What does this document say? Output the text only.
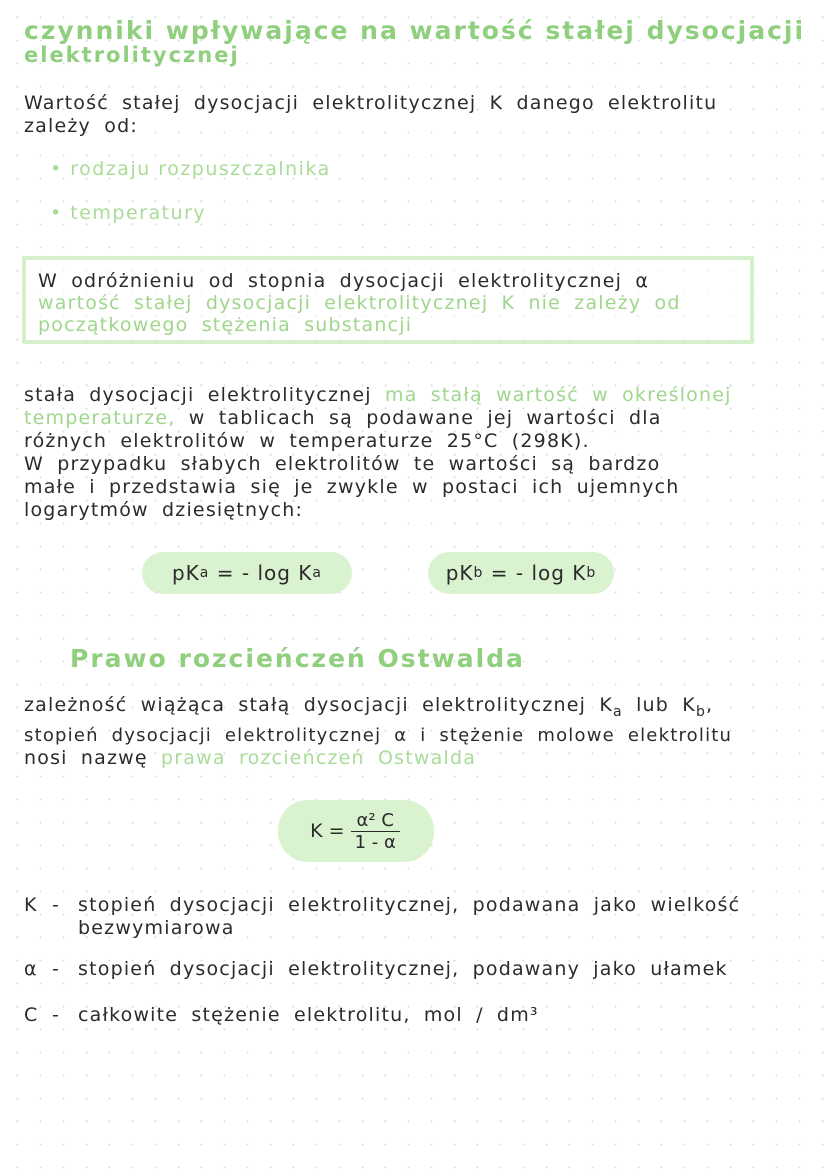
czynniki wpływające na wartość stałej dysocjacji
elektrolitycznej
Wartość stałej dysocjacji elektrolitycznej K danego elektrolitu
zależy od:
• rodzaju rozpuszczalnika
• temperatury
W odróżnieniu od stopnia dysocjacji elektrolitycznej α
wartość stałej dysocjacji elektrolitycznej K nie zależy od
początkowego stężenia substancji
stała dysocjacji elektrolitycznej ma stałą wartość w określonej
temperaturze, w tablicach są podawane jej wartości dla
różnych elektrolitów w temperaturze 25°C (298K).
W przypadku słabych elektrolitów te wartości są bardzo
małe i przedstawia się je zwykle w postaci ich ujemnych
logarytmów dziesiętnych:
pK a = - log K a	pK b = - log K b
Prawo rozcieńczeń Ostwalda
zależność wiążąca stałą dysocjacji elektrolitycznej $K_a$ lub $K_b$,
stopień dysocjacji elektrolitycznej α i stężenie molowe elektrolitu
nosi nazwę prawa rozcieńczeń Ostwalda
$K = \frac{\text{α² C}}{1 - \alpha}$
K - stopień dysocjacji elektrolitycznej, podawana jako wielkość
bezwymiarowa
α - stopień dysocjacji elektrolitycznej, podawany jako ułamek
C - całkowite stężenie elektrolitu, mol / dm³
